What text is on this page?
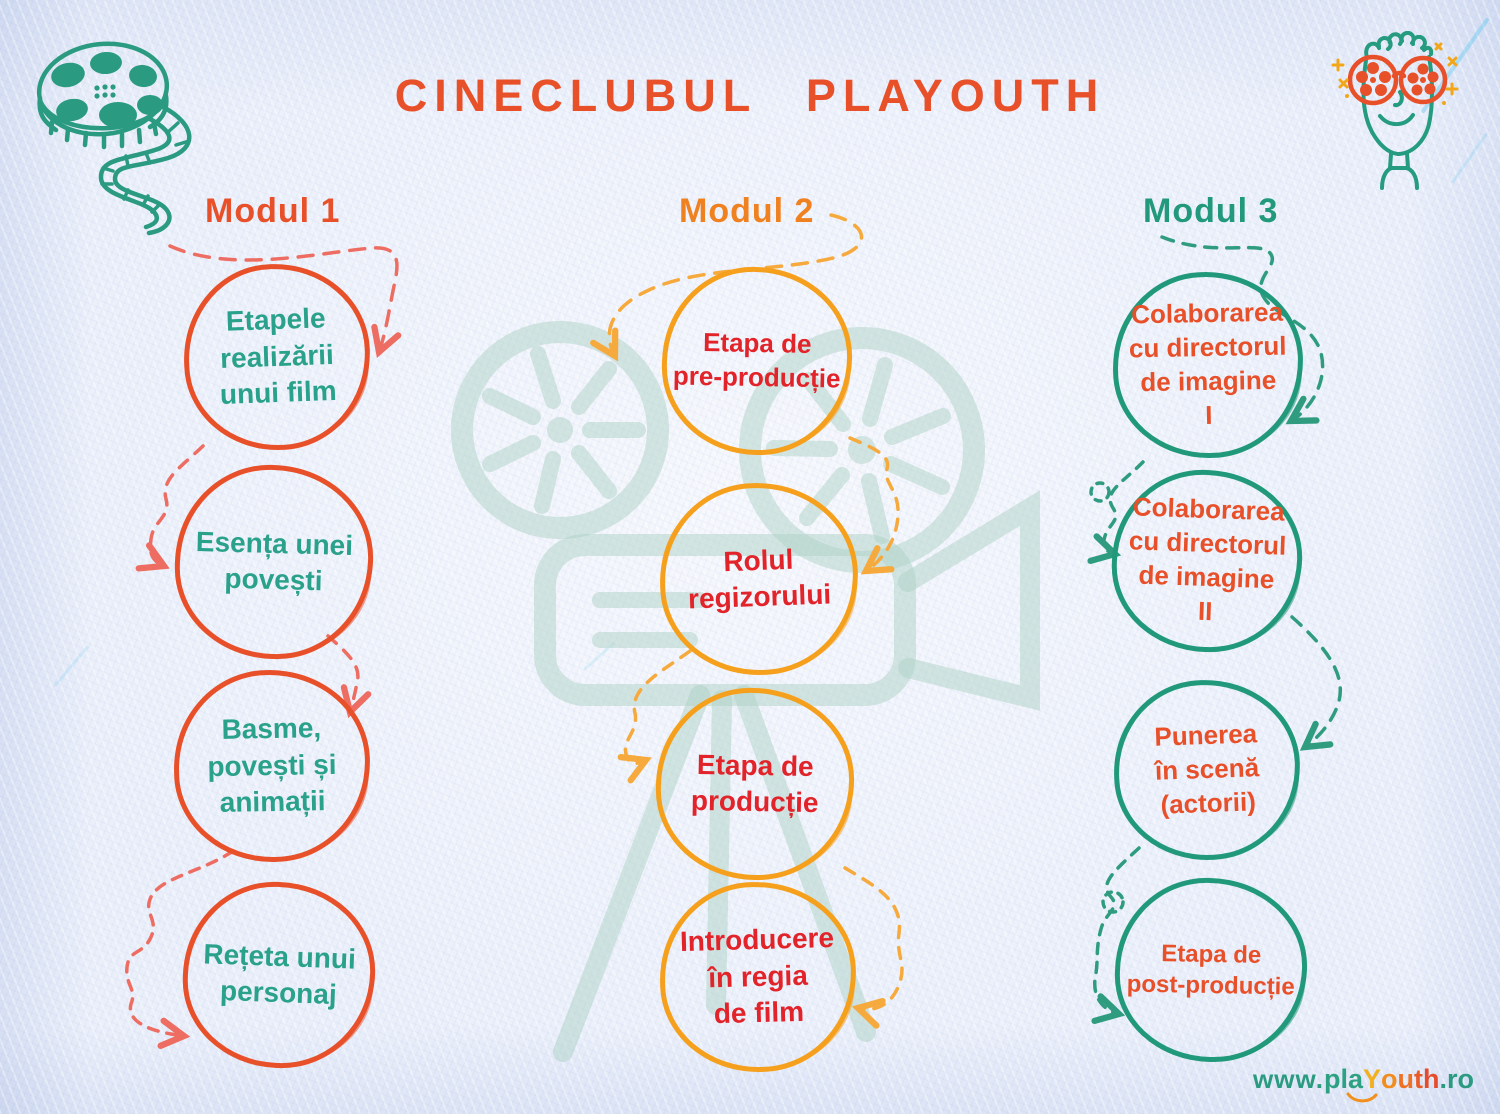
CINECLUBUL PLAYOUTH
Modul 1	Modul 2	Modul 3
Etapele
realizării
unui film
Esența unei
povești
Basme,
povești și
animații
Rețeta unui
personaj
Etapa de
pre-producție
Rolul
regizorului
Etapa de
producție
Introducere
în regia
de film
Colaborarea
cu directorul
de imagine
I
Colaborarea
cu directorul
de imagine
II
Punerea
în scenă
(actorii)
Etapa de
post-producție
www.plaYouth.ro
